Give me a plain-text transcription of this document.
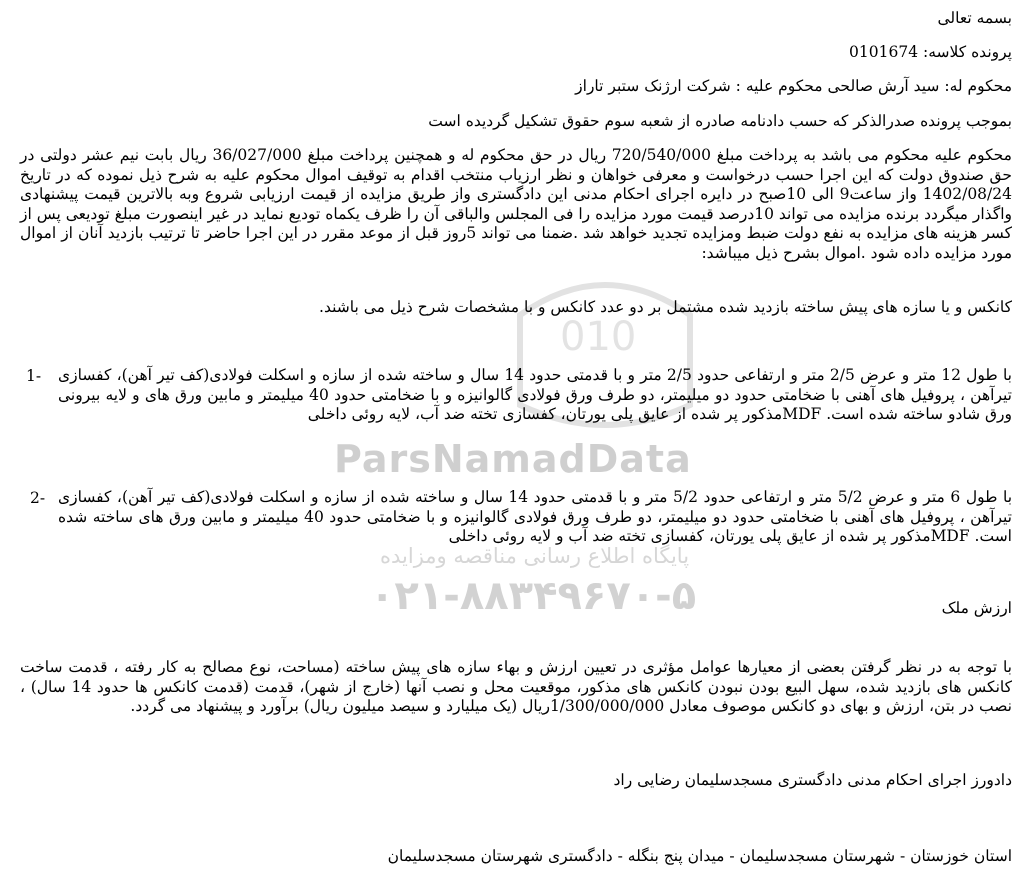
010
ParsNamadData
پایگاه اطلاع رسانی مناقصه ومزایده
۰۲۱-۸۸۳۴۹۶۷۰-۵
بسمه تعالی
پرونده کلاسه: 0101674
محکوم له: سید آرش صالحی محکوم علیه : شرکت ارژنک ستبر تاراز
بموجب پرونده صدرالذکر که حسب دادنامه صادره از شعبه سوم حقوق تشکیل گردیده است
محکوم علیه محکوم می باشد به پرداخت مبلغ 720/540/000 ریال در حق محکوم له و همچنین پرداخت مبلغ 36/027/000 ریال بابت نیم عشر دولتی در حق صندوق دولت که این اجرا حسب درخواست و معرفی خواهان و نظر ارزیاب منتخب اقدام به توقیف اموال محکوم علیه به شرح ذیل نموده که در تاریخ 1402/08/24 واز ساعت9 الی 10صبح در دایره اجرای احکام مدنی این دادگستری واز طریق مزایده از قیمت ارزیابی شروع وبه بالاترین قیمت پیشنهادی واگذار میگردد برنده مزایده می تواند 10درصد قیمت مورد مزایده را فی المجلس والباقی آن را ظرف یکماه تودیع نماید در غیر اینصورت مبلغ تودیعی پس از کسر هزینه های مزایده به نفع دولت ضبط ومزایده تجدید خواهد شد .ضمنا می تواند 5روز قبل از موعد مقرر در این اجرا حاضر تا ترتیب بازدید آنان از اموال مورد مزایده داده شود .اموال بشرح ذیل میباشد:
کانکس و یا سازه های پیش ساخته بازدید شده مشتمل بر دو عدد کانکس و با مشخصات شرح ذیل می باشند.
1- با طول 12 متر و عرض 2/5 متر و ارتفاعی حدود 2/5 متر و با قدمتی حدود 14 سال و ساخته شده از سازه و اسکلت فولادی(کف تیر آهن)، کفسازی تیرآهن ، پروفیل های آهنی با ضخامتی حدود دو میلیمتر، دو طرف ورق فولادی گالوانیزه و با ضخامتی حدود 40 میلیمتر و مابین ورق های و لایه بیرونی ورق شادو ساخته شده است. MDFمذکور پر شده از عایق پلی یورتان، کفسازی تخته ضد آب، لایه روئی داخلی
2- با طول 6 متر و عرض 5/2 متر و ارتفاعی حدود 5/2 متر و با قدمتی حدود 14 سال و ساخته شده از سازه و اسکلت فولادی(کف تیر آهن)، کفسازی تیرآهن ، پروفیل های آهنی با ضخامتی حدود دو میلیمتر، دو طرف ورق فولادی گالوانیزه و با ضخامتی حدود 40 میلیمتر و مابین ورق های ساخته شده است. MDFمذکور پر شده از عایق پلی یورتان، کفسازی تخته ضد آب و لایه روئی داخلی
ارزش ملک
با توجه به در نظر گرفتن بعضی از معیارها عوامل مؤثری در تعیین ارزش و بهاء سازه های پیش ساخته (مساحت، نوع مصالح به کار رفته ، قدمت ساخت کانکس های بازدید شده، سهل البیع بودن نبودن کانکس های مذکور، موقعیت محل و نصب آنها (خارج از شهر)، قدمت (قدمت کانکس ها حدود 14 سال) ، نصب در بتن، ارزش و بهای دو کانکس موصوف معادل 1/300/000/000ریال (یک میلیارد و سیصد میلیون ریال) برآورد و پیشنهاد می گردد.
دادورز اجرای احکام مدنی دادگستری مسجدسلیمان رضایی راد
استان خوزستان - شهرستان مسجدسلیمان - میدان پنج بنگله - دادگستری شهرستان مسجدسلیمان
